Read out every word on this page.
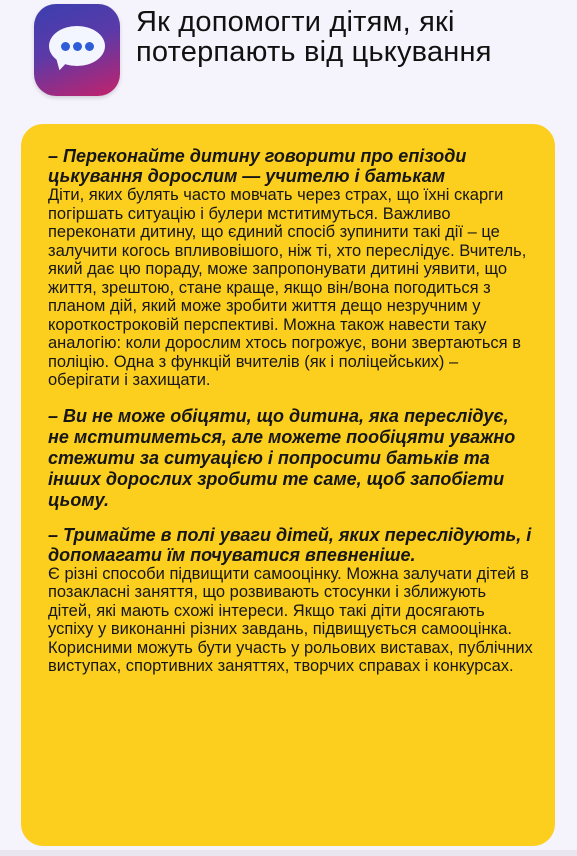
Як допомогти дітям, які потерпають від цькування

– Переконайте дитину говорити про епізоди цькування дорослим — учителю і батькам

Діти, яких булять часто мовчать через страх, що їхні скарги погіршать ситуацію і булери мститимуться. Важливо переконати дитину, що єдиний спосіб зупинити такі дії – це залучити когось впливовішого, ніж ті, хто переслідує. Вчитель, який дає цю пораду, може запропонувати дитині уявити, що життя, зрештою, стане краще, якщо він/вона погодиться з планом дій, який може зробити життя дещо незручним у короткостроковій перспективі. Можна також навести таку аналогію: коли дорослим хтось погрожує, вони звертаються в поліцію. Одна з функцій вчителів (як і поліцейських) – оберігати і захищати.

– Ви не може обіцяти, що дитина, яка переслідує, не мститиметься, але можете пообіцяти уважно стежити за ситуацією і попросити батьків та інших дорослих зробити те саме, щоб запобігти цьому.

– Тримайте в полі уваги дітей, яких переслідують, і допомагати їм почуватися впевненіше.

Є різні способи підвищити самооцінку. Можна залучати дітей в позакласні заняття, що розвивають стосунки і зближують дітей, які мають схожі інтереси. Якщо такі діти досягають успіху у виконанні різних завдань, підвищується самооцінка. Корисними можуть бути участь у рольових виставах, публічних виступах, спортивних заняттях, творчих справах і конкурсах.
